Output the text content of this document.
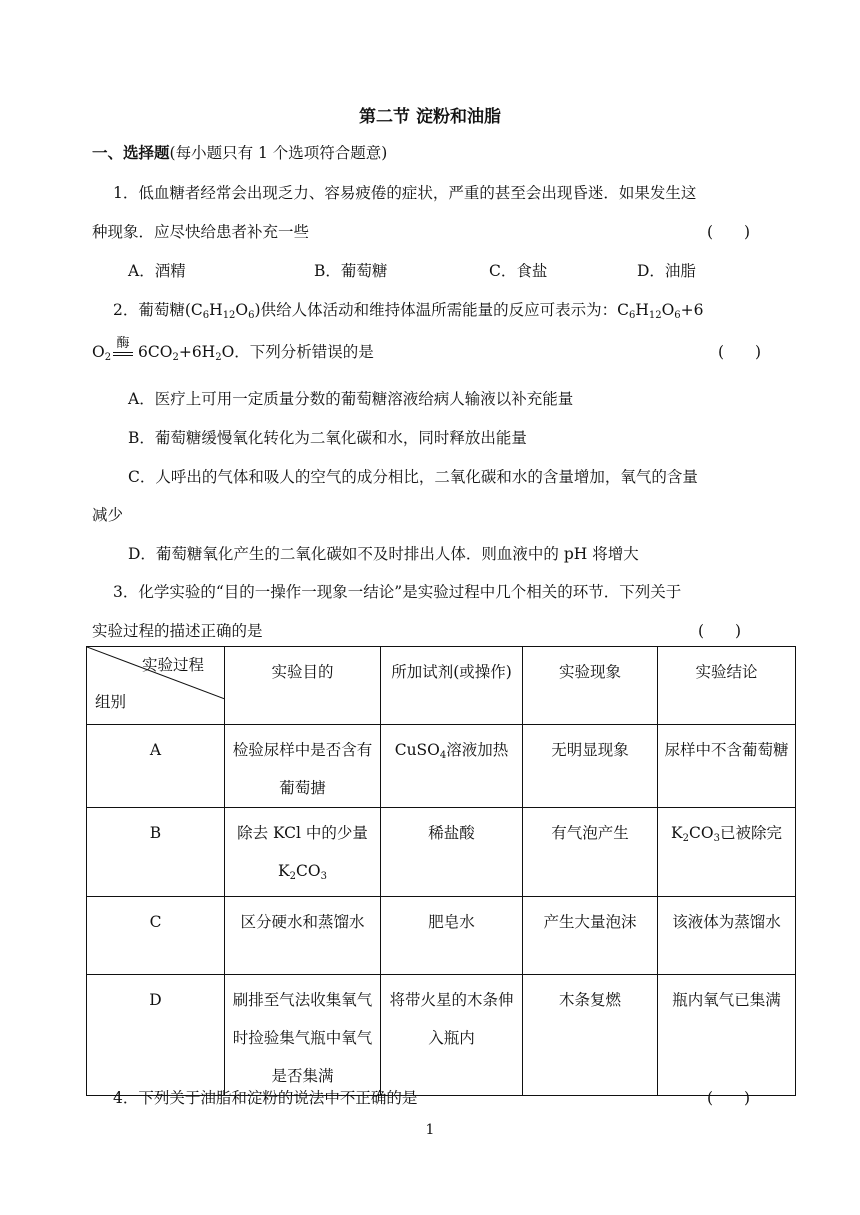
第二节 淀粉和油脂
一、选择题(每小题只有 1 个选项符合题意)
1．低血糖者经常会出现乏力、容易疲倦的症状，严重的甚至会出现昏迷．如果发生这
种现象．应尽快给患者补充一些	(　　)
A．酒精	B．葡萄糖	C．食盐	D．油脂
2．葡萄糖$(C_6H_{12}O_6)$供给人体活动和维持体温所需能量的反应可表示为：$C_6H_{12}O_6+6$
$O_2$ $6CO_2+6H_2O$．下列分析错误的是
酶	(　　)
A．医疗上可用一定质量分数的葡萄糖溶液给病人输液以补充能量
B．葡萄糖缓慢氧化转化为二氧化碳和水，同时释放出能量
C．人呼出的气体和吸人的空气的成分相比，二氧化碳和水的含量增加，氧气的含量
减少
D．葡萄糖氧化产生的二氧化碳如不及时排出人体．则血液中的 pH 将增大
3．化学实验的“目的一操作一现象一结论”是实验过程中几个相关的环节．下列关于
实验过程的描述正确的是	(　　)
实验过程
组别	实验目的	所加试剂(或操作)	实验现象	实验结论
A	检验尿样中是否含有葡萄搪	CuSO$_4$溶液加热	无明显现象	尿样中不含葡萄糖
B	除去 KCl 中的少量
$K_2CO_3$	稀盐酸	有气泡产生	$K_2CO_3$已被除完
C	区分硬水和蒸馏水	肥皂水	产生大量泡沫	该液体为蒸馏水
D	刷排至气法收集氧气时捡验集气瓶中氧气是否集满	将带火星的木条伸入瓶内	木条复燃	瓶内氧气已集满
4．下列关于油脂和淀粉的说法中不正确的是	(　　)
1
